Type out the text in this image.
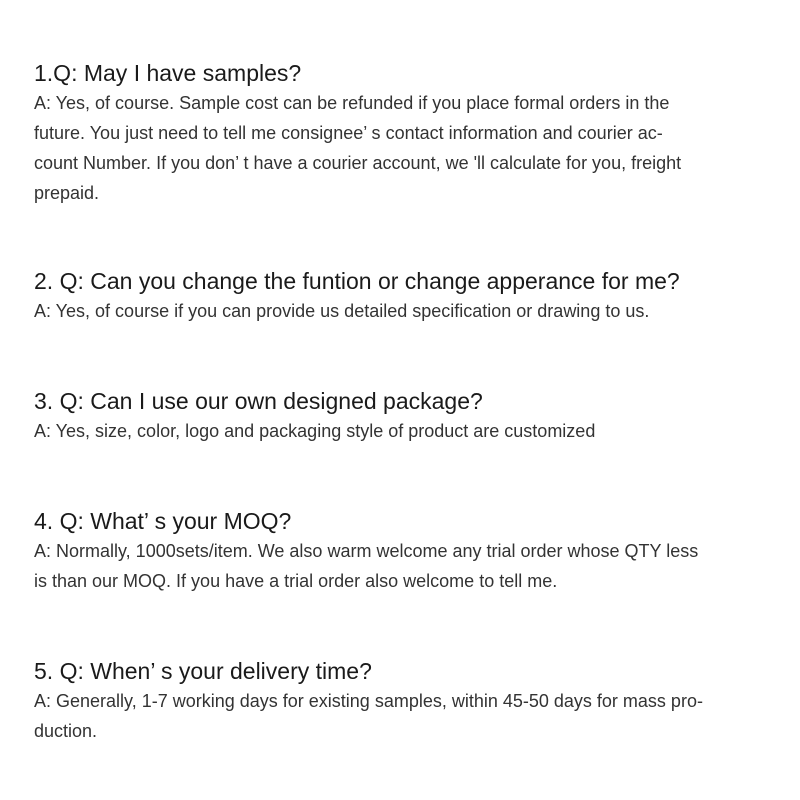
1.Q: May I have samples?

A: Yes, of course. Sample cost can be refunded if you place formal orders in the
future. You just need to tell me consignee’ s contact information and courier ac-
count Number. If you don’ t have a courier account, we 'll calculate for you, freight
prepaid.

2. Q: Can you change the funtion or change apperance for me?

A: Yes, of course if you can provide us detailed specification or drawing to us.

3. Q: Can I use our own designed package?

A: Yes, size, color, logo and packaging style of product are customized

4. Q: What’ s your MOQ?

A: Normally, 1000sets/item. We also warm welcome any trial order whose QTY less
is than our MOQ. If you have a trial order also welcome to tell me.

5. Q: When’ s your delivery time?

A: Generally, 1-7 working days for existing samples, within 45-50 days for mass pro-
duction.
